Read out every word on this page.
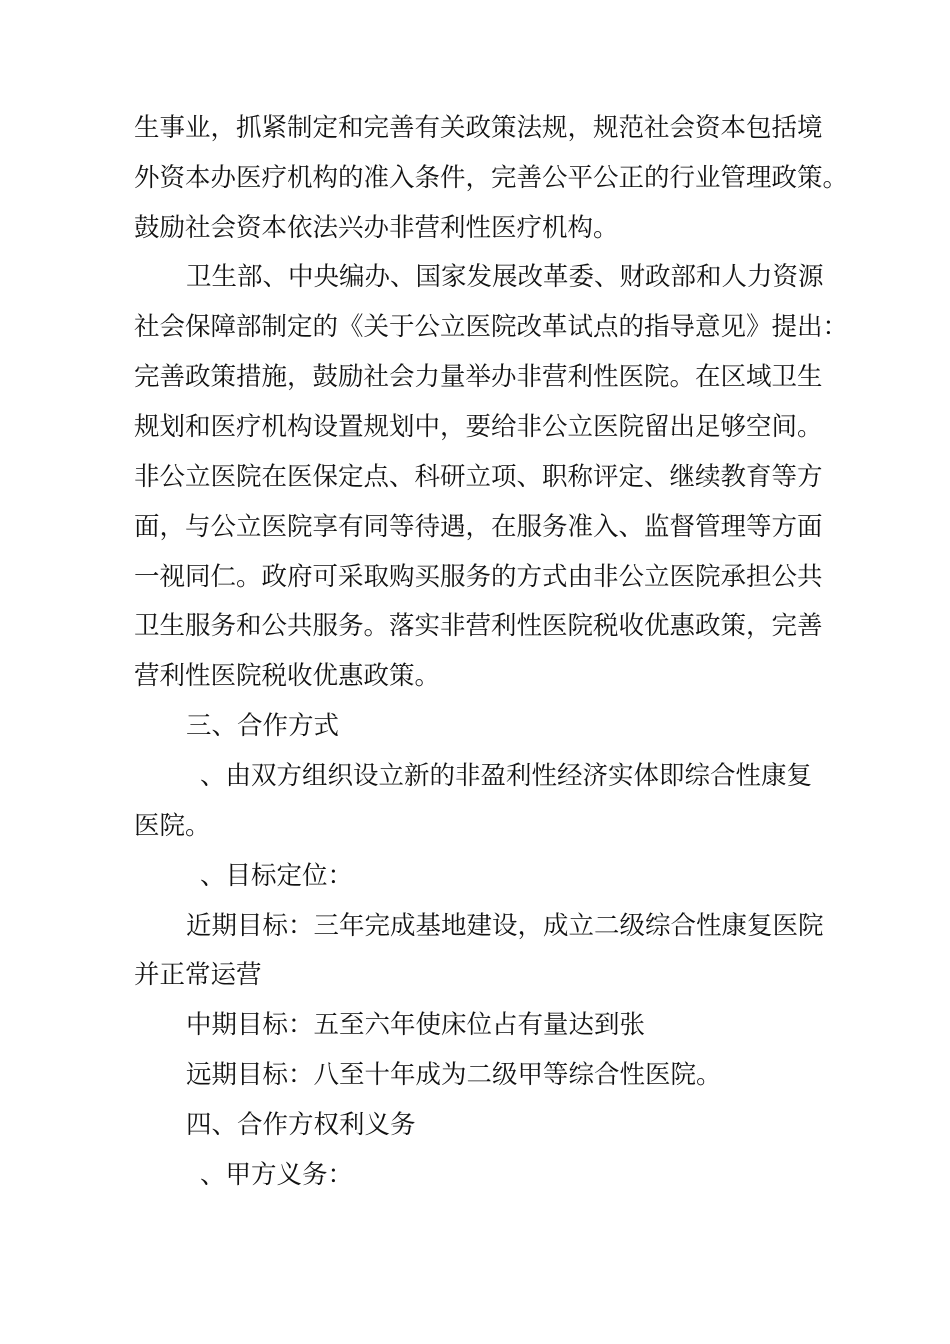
生事业，抓紧制定和完善有关政策法规，规范社会资本包括境
外资本办医疗机构的准入条件，完善公平公正的行业管理政策。
鼓励社会资本依法兴办非营利性医疗机构。
卫生部、中央编办、国家发展改革委、财政部和人力资源
社会保障部制定的《关于公立医院改革试点的指导意见》提出：
完善政策措施，鼓励社会力量举办非营利性医院。在区域卫生
规划和医疗机构设置规划中，要给非公立医院留出足够空间。
非公立医院在医保定点、科研立项、职称评定、继续教育等方
面，与公立医院享有同等待遇，在服务准入、监督管理等方面
一视同仁。政府可采取购买服务的方式由非公立医院承担公共
卫生服务和公共服务。落实非营利性医院税收优惠政策，完善
营利性医院税收优惠政策。
三、合作方式
、由双方组织设立新的非盈利性经济实体即综合性康复
医院。
、目标定位：
近期目标：三年完成基地建设，成立二级综合性康复医院
并正常运营
中期目标：五至六年使床位占有量达到张
远期目标：八至十年成为二级甲等综合性医院。
四、合作方权利义务
、甲方义务：
